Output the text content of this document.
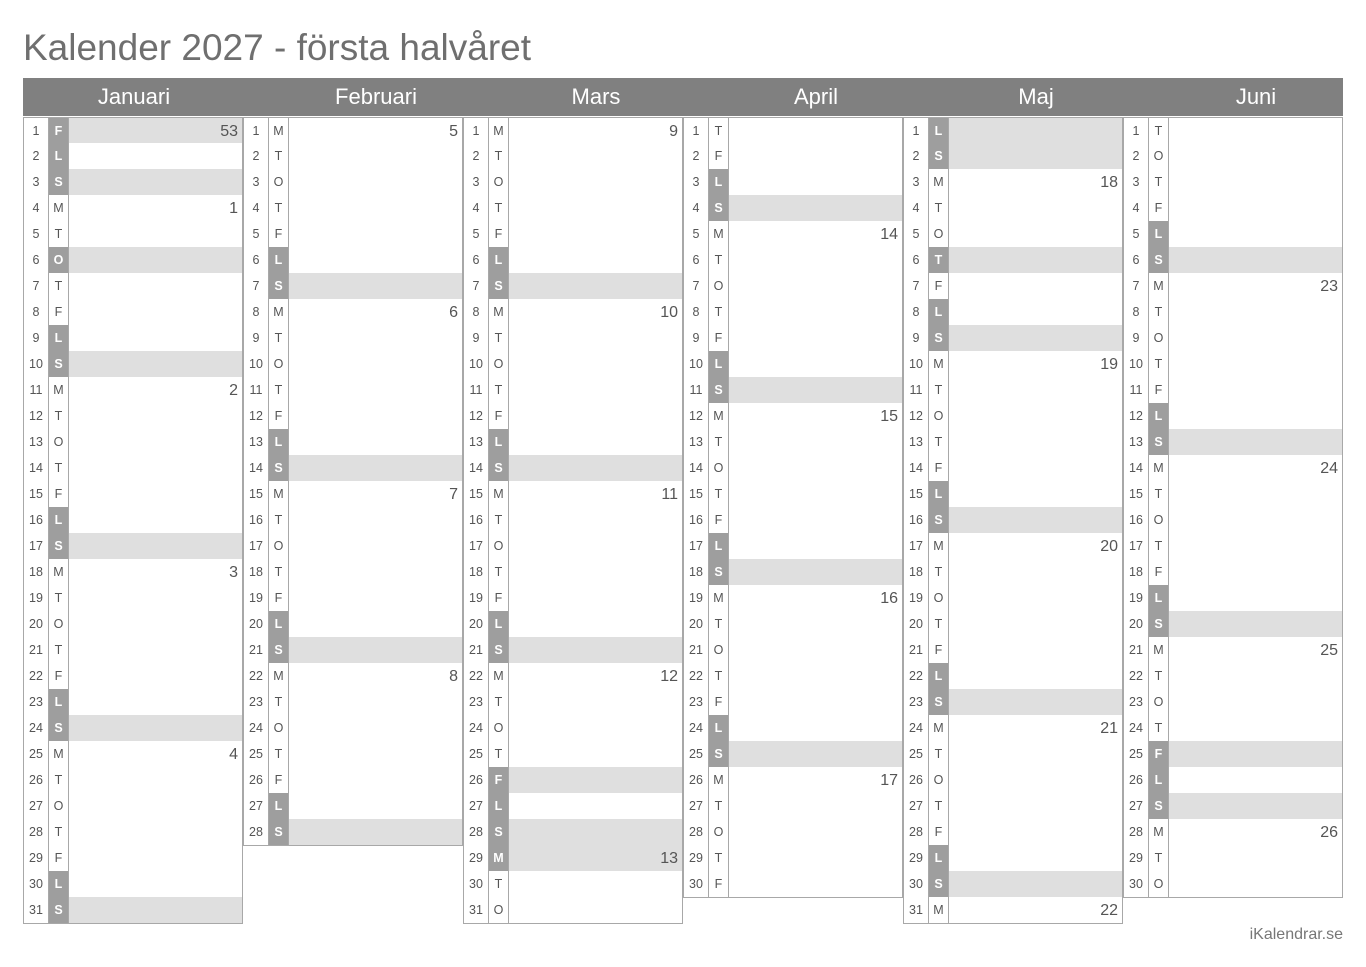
Kalender 2027 - första halvåret
Januari
1	F	53
2	L
3	S
4	M	1
5	T
6	O
7	T
8	F
9	L
10 S
11 M	2
12 T
13 O
14 T
15 F
16 L
17 S
18 M	3
19 T
20 O
21 T
22 F
23 L
24 S
25 M	4
26 T
27 O
28 T
29 F
30 L
31 S
Februari
1	M	5
2	T
3	O
4	T
5	F
6	L
7	S
8	M	6
9	T
10 O
11 T
12 F
13 L
14 S
15 M	7
16 T
17 O
18 T
19 F
20 L
21 S
22 M	8
23 T
24 O
25 T
26 F
27 L
28 S
Mars
1	M	9
2	T
3	O
4	T
5	F
6	L
7	S
8	M	10
9	T
10 O
11 T
12 F
13 L
14 S
15 M	11
16 T
17 O
18 T
19 F
20 L
21 S
22 M	12
23 T
24 O
25 T
26 F
27 L
28 S
29 M	13
30 T
31 O
April
1	T
2	F
3	L
4	S
5	M	14
6	T
7	O
8	T
9	F
10 L
11 S
12 M	15
13 T
14 O
15 T
16 F
17 L
18 S
19 M	16
20 T
21 O
22 T
23 F
24 L
25 S
26 M	17
27 T
28 O
29 T
30 F
Maj
1	L
2	S
3	M	18
4	T
5	O
6	T
7	F
8	L
9	S
10 M	19
11 T
12 O
13 T
14 F
15 L
16 S
17 M	20
18 T
19 O
20 T
21 F
22 L
23 S
24 M	21
25 T
26 O
27 T
28 F
29 L
30 S
31 M	22
Juni
1	T
2	O
3	T
4	F
5	L
6	S
7	M	23
8	T
9	O
10 T
11 F
12 L
13 S
14 M	24
15 T
16 O
17 T
18 F
19 L
20 S
21 M	25
22 T
23 O
24 T
25 F
26 L
27 S
28 M	26
29 T
30 O
iKalendrar.se
